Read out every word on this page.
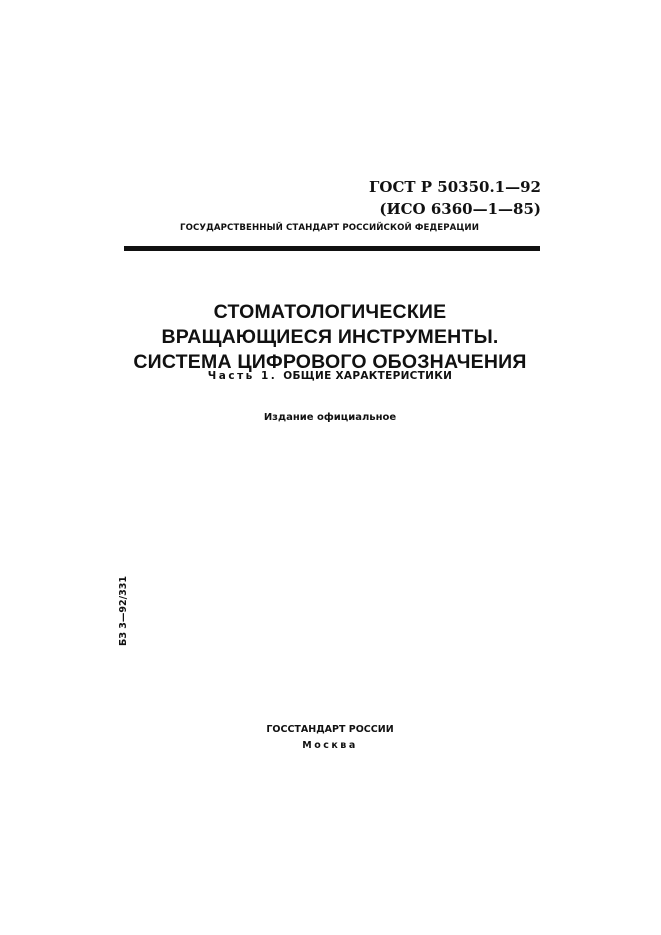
ГОСТ Р 50350.1—92
(ИСО 6360—1—85)
ГОСУДАРСТВЕННЫЙ СТАНДАРТ РОССИЙСКОЙ ФЕДЕРАЦИИ
СТОМАТОЛОГИЧЕСКИЕ
ВРАЩАЮЩИЕСЯ ИНСТРУМЕНТЫ.
СИСТЕМА ЦИФРОВОГО ОБОЗНАЧЕНИЯ
Часть 1. ОБЩИЕ ХАРАКТЕРИСТИКИ
Издание официальное
БЗ 3—92/331
ГОССТАНДАРТ РОССИИ
Москва
